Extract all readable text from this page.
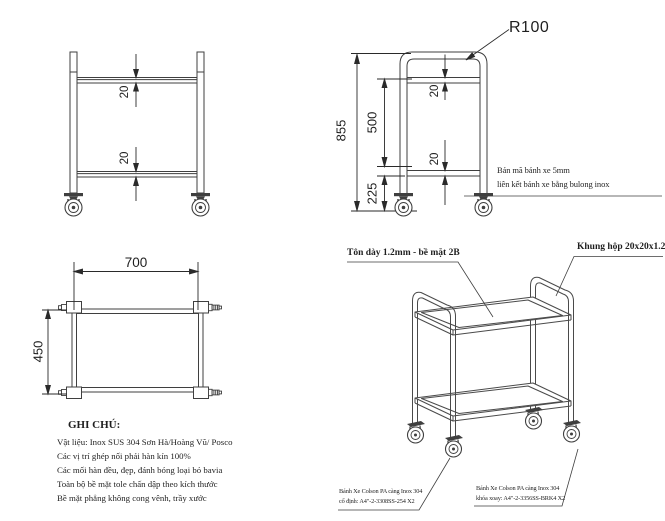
20
20
R100
855 500
225
20
20
Bản mã bánh xe 5mm
liên kết bánh xe bằng bulong inox
700
450
Tôn dày 1.2mm - bề mặt 2B
Khung hộp 20x20x1.2
Bánh Xe Colson PA càng Inox 304
cố định: A4"-2-3308SS-254 X2
Bánh Xe Colson PA càng Inox 304
khóa xoay: A4"-2-3356SS-BRK4 X2
GHI CHÚ:
Vật liệu: Inox SUS 304 Sơn Hà/Hoàng Vũ/ Posco
Các vị trí ghép nối phải hàn kín 100%
Các mối hàn đều, đẹp, đánh bóng loại bỏ bavia
Toàn bộ bề mặt tole chấn dập theo kích thước
Bề mặt phẳng không cong vênh, trầy xước
